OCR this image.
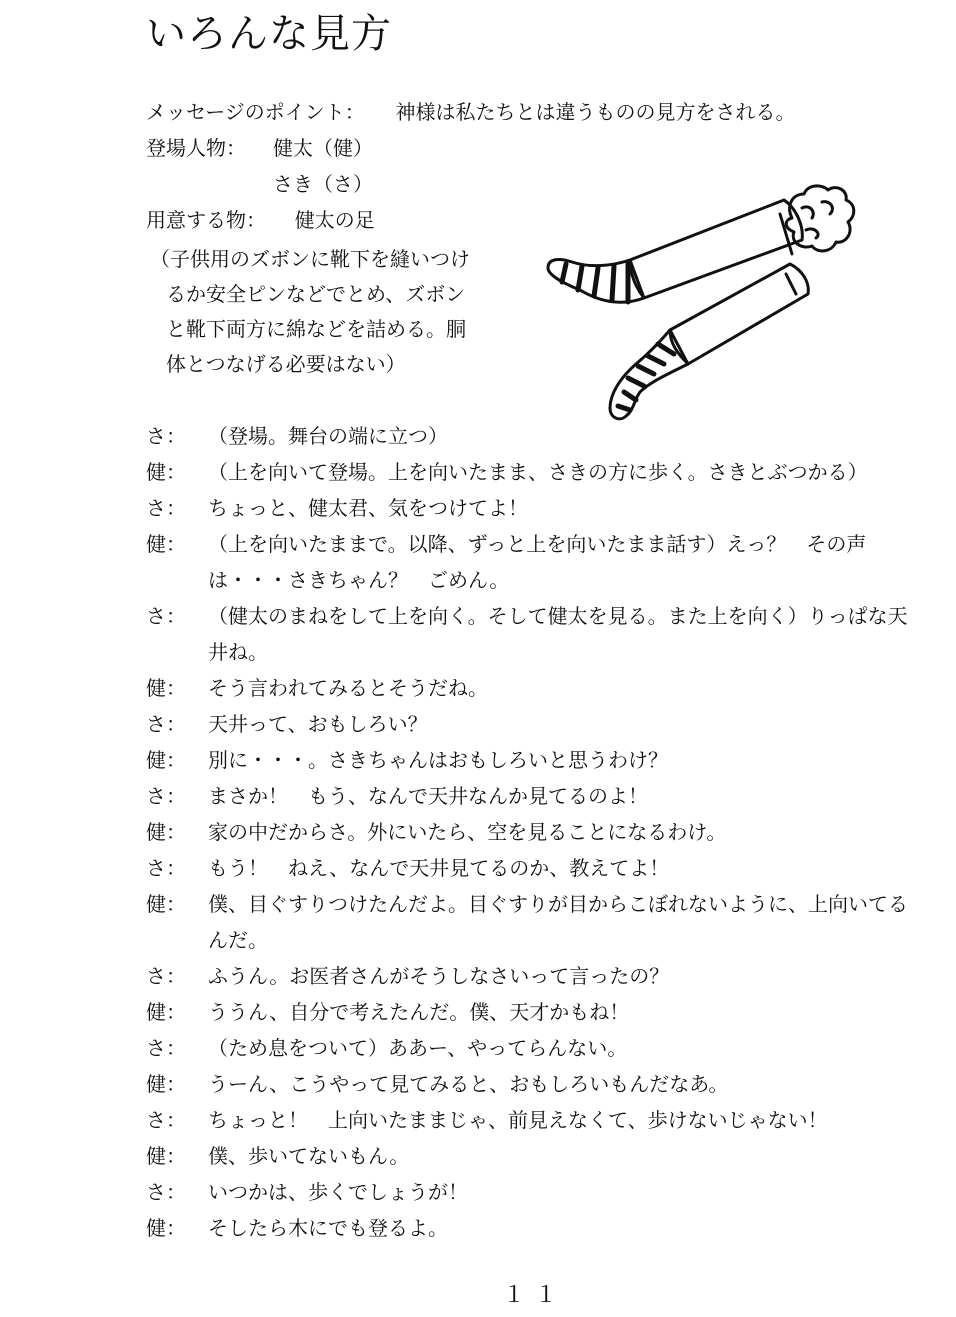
いろんな見方
メッセージのポイント： 神様は私たちとは違うものの見方をされる。
登場人物： 健太（健）
さき（さ）
用意する物： 健太の足
（子供用のズボンに靴下を縫いつけ
るか安全ピンなどでとめ、ズボン
と靴下両方に綿などを詰める。胴
体とつなげる必要はない）
さ：	（登場。舞台の端に立つ）
健：	（上を向いて登場。上を向いたまま、さきの方に歩く。さきとぶつかる）
さ：	ちょっと、健太君、気をつけてよ！
健：	（上を向いたままで。以降、ずっと上を向いたまま話す）えっ？　その声は・・・さきちゃん？　ごめん。
さ：	（健太のまねをして上を向く。そして健太を見る。また上を向く）りっぱな天井ね。
健：	そう言われてみるとそうだね。
さ：	天井って、おもしろい？
健：	別に・・・。さきちゃんはおもしろいと思うわけ？
さ：	まさか！　もう、なんで天井なんか見てるのよ！
健：	家の中だからさ。外にいたら、空を見ることになるわけ。
さ：	もう！　ねえ、なんで天井見てるのか、教えてよ！
健：	僕、目ぐすりつけたんだよ。目ぐすりが目からこぼれないように、上向いてるんだ。
さ：	ふうん。お医者さんがそうしなさいって言ったの？
健：	ううん、自分で考えたんだ。僕、天才かもね！
さ：	（ため息をついて）ああー、やってらんない。
健：	うーん、こうやって見てみると、おもしろいもんだなあ。
さ：	ちょっと！　上向いたままじゃ、前見えなくて、歩けないじゃない！
健：	僕、歩いてないもん。
さ：	いつかは、歩くでしょうが！
健：	そしたら木にでも登るよ。
１１
